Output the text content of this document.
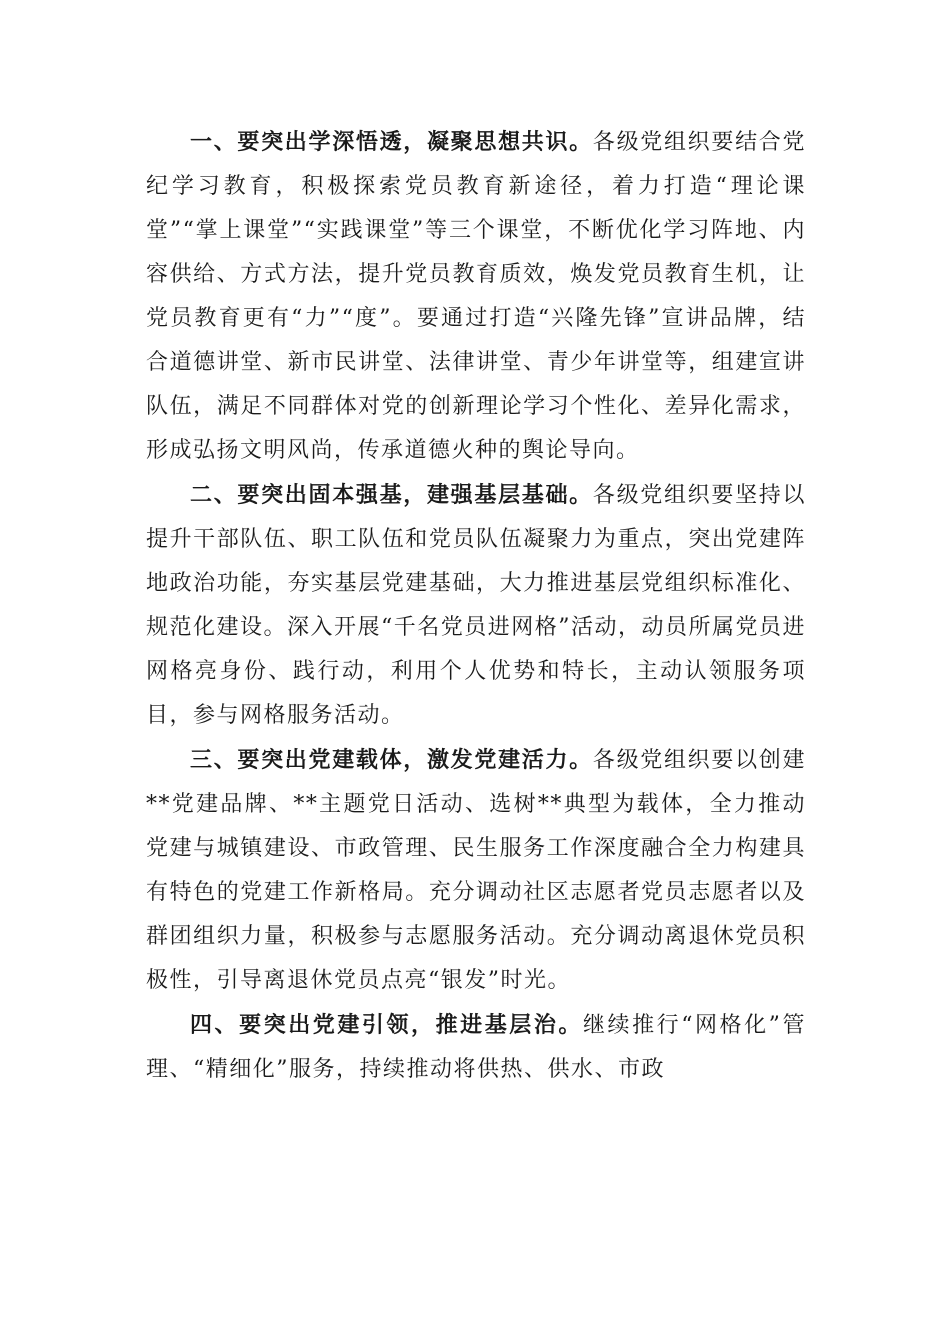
一、要突出学深悟透，凝聚思想共识。各级党组织要结合党纪学习教育，积极探索党员教育新途径，着力打造“理论课堂”“掌上课堂”“实践课堂”等三个课堂，不断优化学习阵地、内容供给、方式方法，提升党员教育质效，焕发党员教育生机，让党员教育更有“力”“度”。要通过打造“兴隆先锋”宣讲品牌，结合道德讲堂、新市民讲堂、法律讲堂、青少年讲堂等，组建宣讲队伍，满足不同群体对党的创新理论学习个性化、差异化需求，形成弘扬文明风尚，传承道德火种的舆论导向。

二、要突出固本强基，建强基层基础。各级党组织要坚持以提升干部队伍、职工队伍和党员队伍凝聚力为重点，突出党建阵地政治功能，夯实基层党建基础，大力推进基层党组织标准化、规范化建设。深入开展“千名党员进网格”活动，动员所属党员进网格亮身份、践行动，利用个人优势和特长，主动认领服务项目，参与网格服务活动。

三、要突出党建载体，激发党建活力。各级党组织要以创建**党建品牌、**主题党日活动、选树**典型为载体，全力推动党建与城镇建设、市政管理、民生服务工作深度融合全力构建具有特色的党建工作新格局。充分调动社区志愿者党员志愿者以及群团组织力量，积极参与志愿服务活动。充分调动离退休党员积极性，引导离退休党员点亮“银发”时光。

四、要突出党建引领，推进基层治。继续推行“网格化”管理、“精细化”服务，持续推动将供热、供水、市政
